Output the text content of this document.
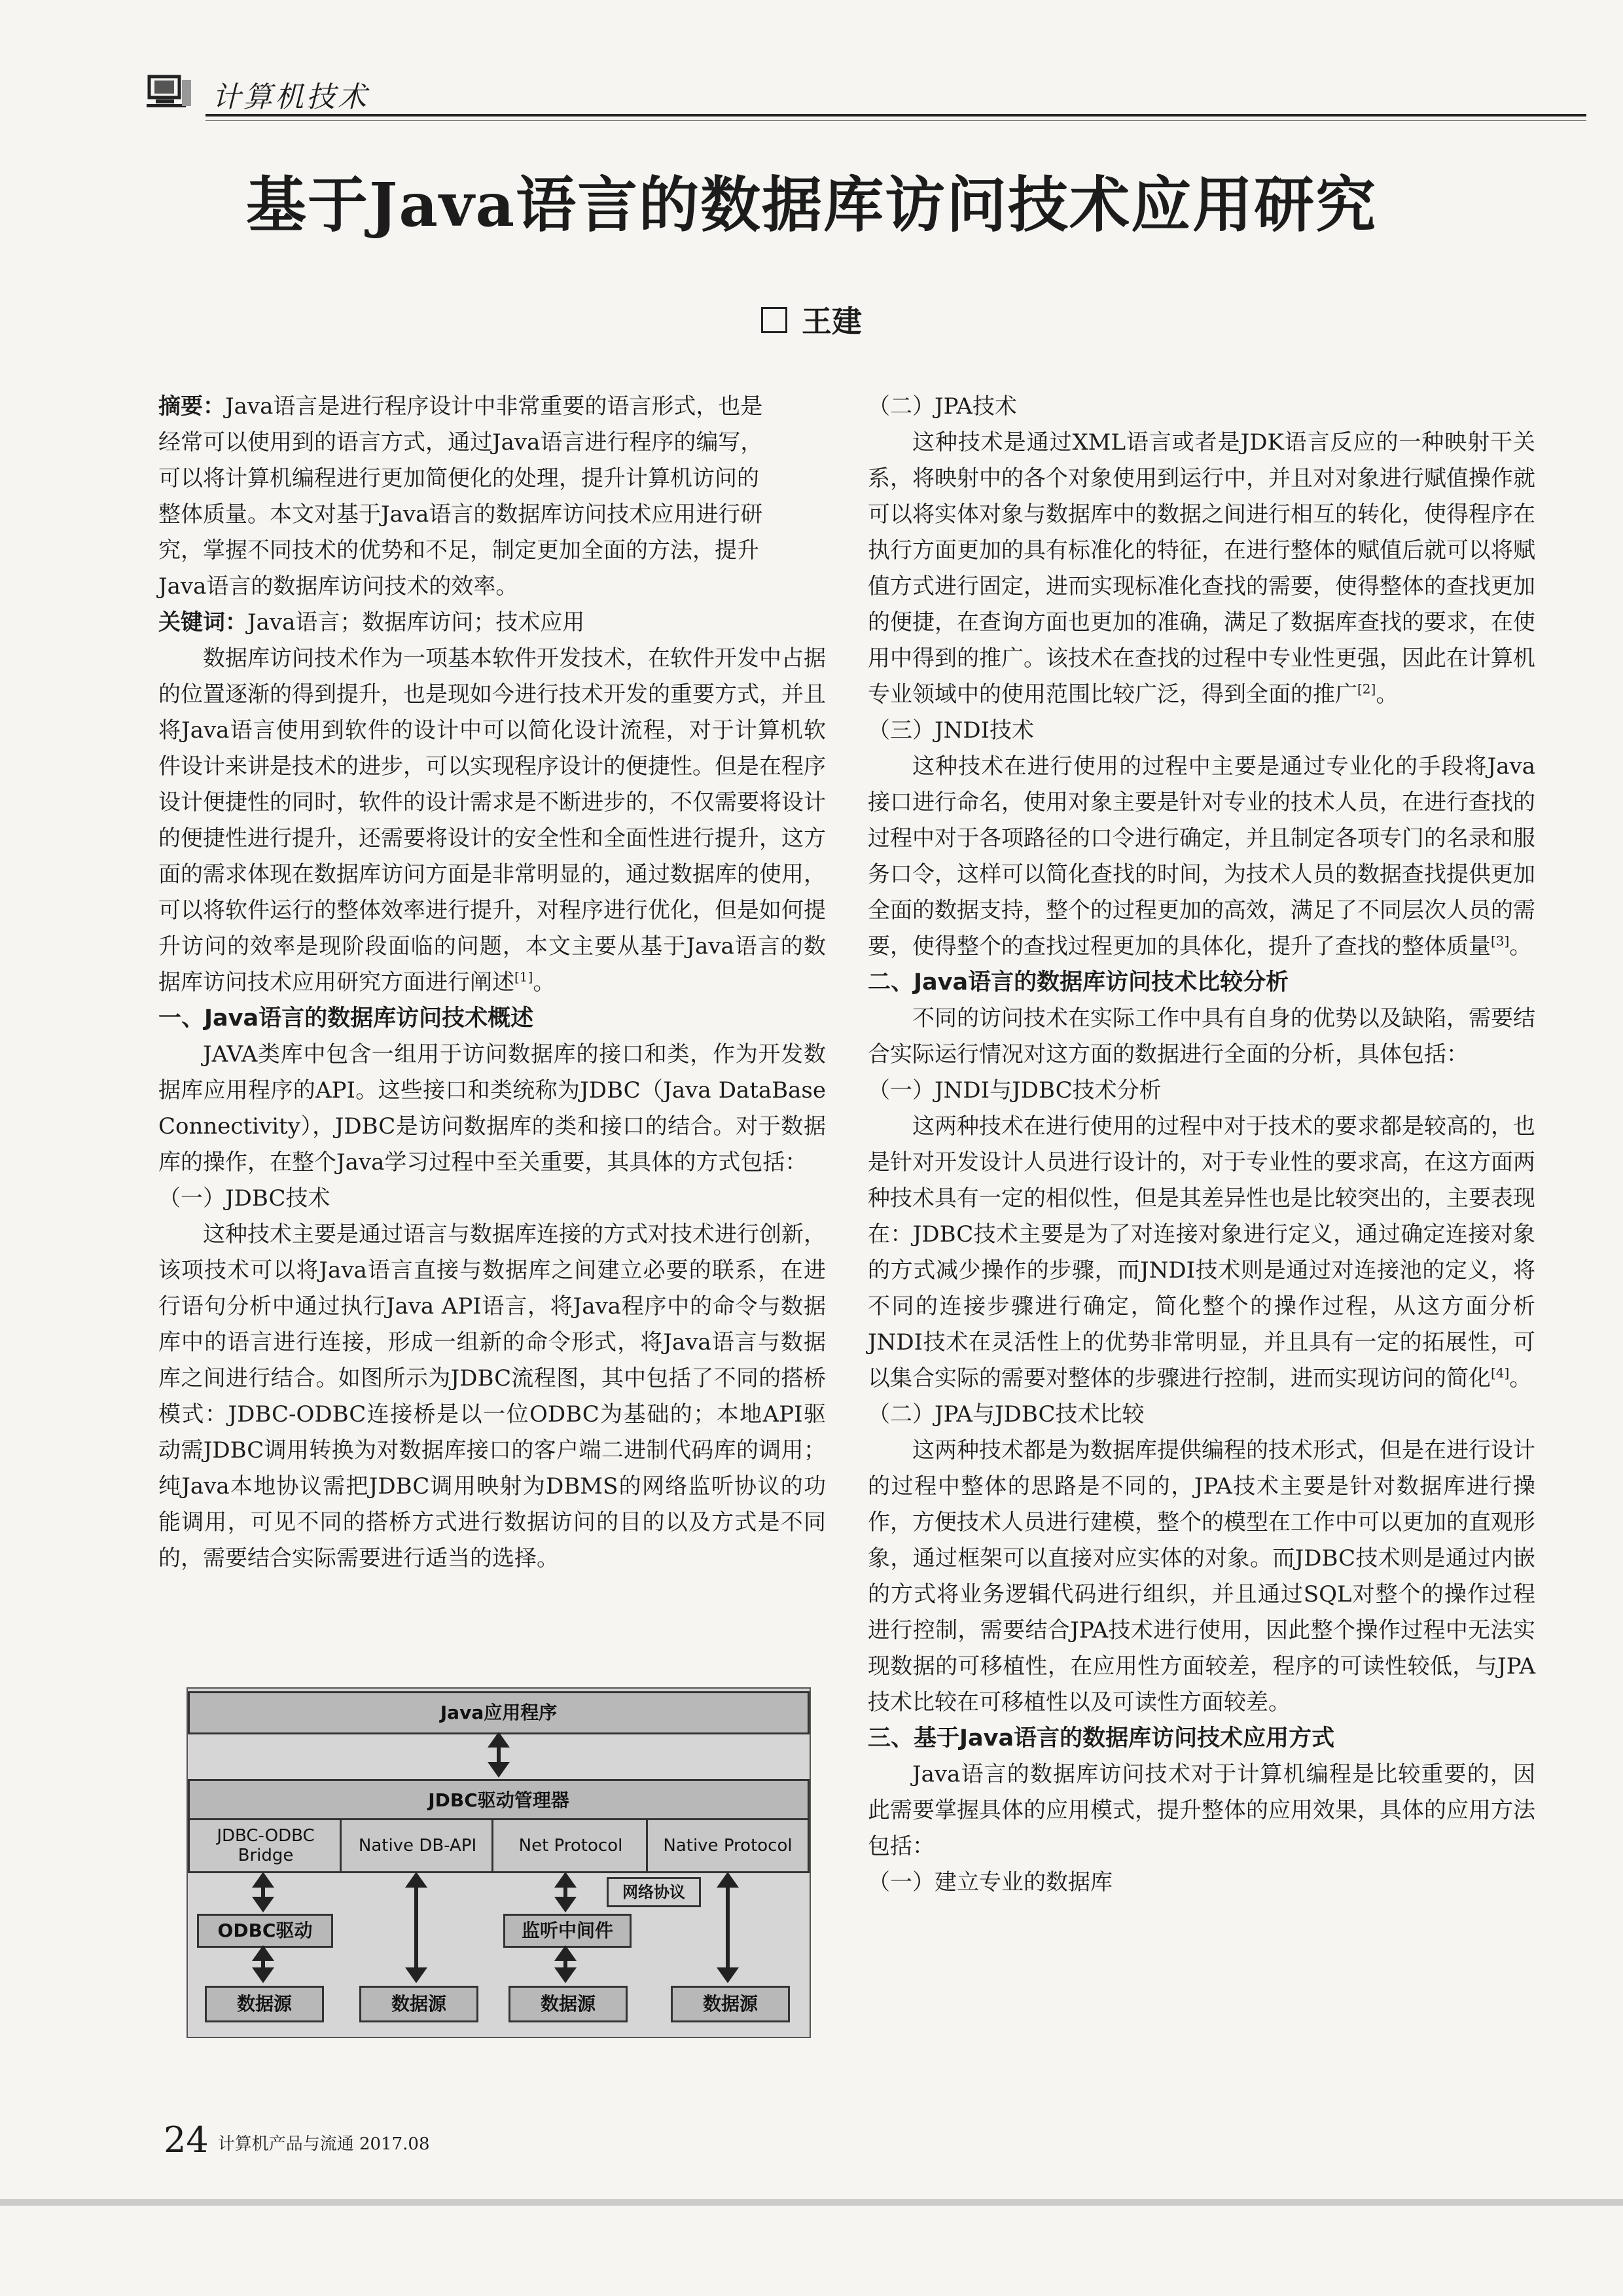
计算机技术
基于Java语言的数据库访问技术应用研究
王建

摘要：Java语言是进行程序设计中非常重要的语言形式，也是

经常可以使用到的语言方式，通过Java语言进行程序的编写，

可以将计算机编程进行更加简便化的处理，提升计算机访问的

整体质量。本文对基于Java语言的数据库访问技术应用进行研

究，掌握不同技术的优势和不足，制定更加全面的方法，提升

Java语言的数据库访问技术的效率。

关键词：Java语言；数据库访问；技术应用

数据库访问技术作为一项基本软件开发技术，在软件开发中占据的位置逐渐的得到提升，也是现如今进行技术开发的重要方式，并且将Java语言使用到软件的设计中可以简化设计流程，对于计算机软件设计来讲是技术的进步，可以实现程序设计的便捷性。但是在程序设计便捷性的同时，软件的设计需求是不断进步的，不仅需要将设计的便捷性进行提升，还需要将设计的安全性和全面性进行提升，这方面的需求体现在数据库访问方面是非常明显的，通过数据库的使用，可以将软件运行的整体效率进行提升，对程序进行优化，但是如何提升访问的效率是现阶段面临的问题，本文主要从基于Java语言的数据库访问技术应用研究方面进行阐述[1]。

一、Java语言的数据库访问技术概述

JAVA类库中包含一组用于访问数据库的接口和类，作为开发数据库应用程序的API。这些接口和类统称为JDBC（Java DataBase Connectivity），JDBC是访问数据库的类和接口的结合。对于数据库的操作，在整个Java学习过程中至关重要，其具体的方式包括：

（一）JDBC技术

这种技术主要是通过语言与数据库连接的方式对技术进行创新，该项技术可以将Java语言直接与数据库之间建立必要的联系，在进行语句分析中通过执行Java API语言，将Java程序中的命令与数据库中的语言进行连接，形成一组新的命令形式，将Java语言与数据库之间进行结合。如图所示为JDBC流程图，其中包括了不同的搭桥模式：JDBC-ODBC连接桥是以一位ODBC为基础的；本地API驱动需JDBC调用转换为对数据库接口的客户端二进制代码库的调用；纯Java本地协议需把JDBC调用映射为DBMS的网络监听协议的功能调用，可见不同的搭桥方式进行数据访问的目的以及方式是不同的，需要结合实际需要进行适当的选择。

Java应用程序
JDBC驱动管理器
JDBC-ODBC Bridge	Native DB-API	Net Protocol	Native Protocol
ODBC驱动	监听中间件
网络协议
数据源	数据源	数据源	数据源

（二）JPA技术

这种技术是通过XML语言或者是JDK语言反应的一种映射干关系，将映射中的各个对象使用到运行中，并且对对象进行赋值操作就可以将实体对象与数据库中的数据之间进行相互的转化，使得程序在执行方面更加的具有标准化的特征，在进行整体的赋值后就可以将赋值方式进行固定，进而实现标准化查找的需要，使得整体的查找更加的便捷，在查询方面也更加的准确，满足了数据库查找的要求，在使用中得到的推广。该技术在查找的过程中专业性更强，因此在计算机专业领域中的使用范围比较广泛，得到全面的推广[2]。

（三）JNDI技术

这种技术在进行使用的过程中主要是通过专业化的手段将Java接口进行命名，使用对象主要是针对专业的技术人员，在进行查找的过程中对于各项路径的口令进行确定，并且制定各项专门的名录和服务口令，这样可以简化查找的时间，为技术人员的数据查找提供更加全面的数据支持，整个的过程更加的高效，满足了不同层次人员的需要，使得整个的查找过程更加的具体化，提升了查找的整体质量[3]。

二、Java语言的数据库访问技术比较分析

不同的访问技术在实际工作中具有自身的优势以及缺陷，需要结合实际运行情况对这方面的数据进行全面的分析，具体包括：

（一）JNDI与JDBC技术分析

这两种技术在进行使用的过程中对于技术的要求都是较高的，也是针对开发设计人员进行设计的，对于专业性的要求高，在这方面两种技术具有一定的相似性，但是其差异性也是比较突出的，主要表现在：JDBC技术主要是为了对连接对象进行定义，通过确定连接对象的方式减少操作的步骤，而JNDI技术则是通过对连接池的定义，将不同的连接步骤进行确定，简化整个的操作过程，从这方面分析JNDI技术在灵活性上的优势非常明显，并且具有一定的拓展性，可以集合实际的需要对整体的步骤进行控制，进而实现访问的简化[4]。

（二）JPA与JDBC技术比较

这两种技术都是为数据库提供编程的技术形式，但是在进行设计的过程中整体的思路是不同的，JPA技术主要是针对数据库进行操作，方便技术人员进行建模，整个的模型在工作中可以更加的直观形象，通过框架可以直接对应实体的对象。而JDBC技术则是通过内嵌的方式将业务逻辑代码进行组织，并且通过SQL对整个的操作过程进行控制，需要结合JPA技术进行使用，因此整个操作过程中无法实现数据的可移植性，在应用性方面较差，程序的可读性较低，与JPA技术比较在可移植性以及可读性方面较差。

三、基于Java语言的数据库访问技术应用方式

Java语言的数据库访问技术对于计算机编程是比较重要的，因此需要掌握具体的应用模式，提升整体的应用效果，具体的应用方法包括：

（一）建立专业的数据库

24 计算机产品与流通 2017.08
